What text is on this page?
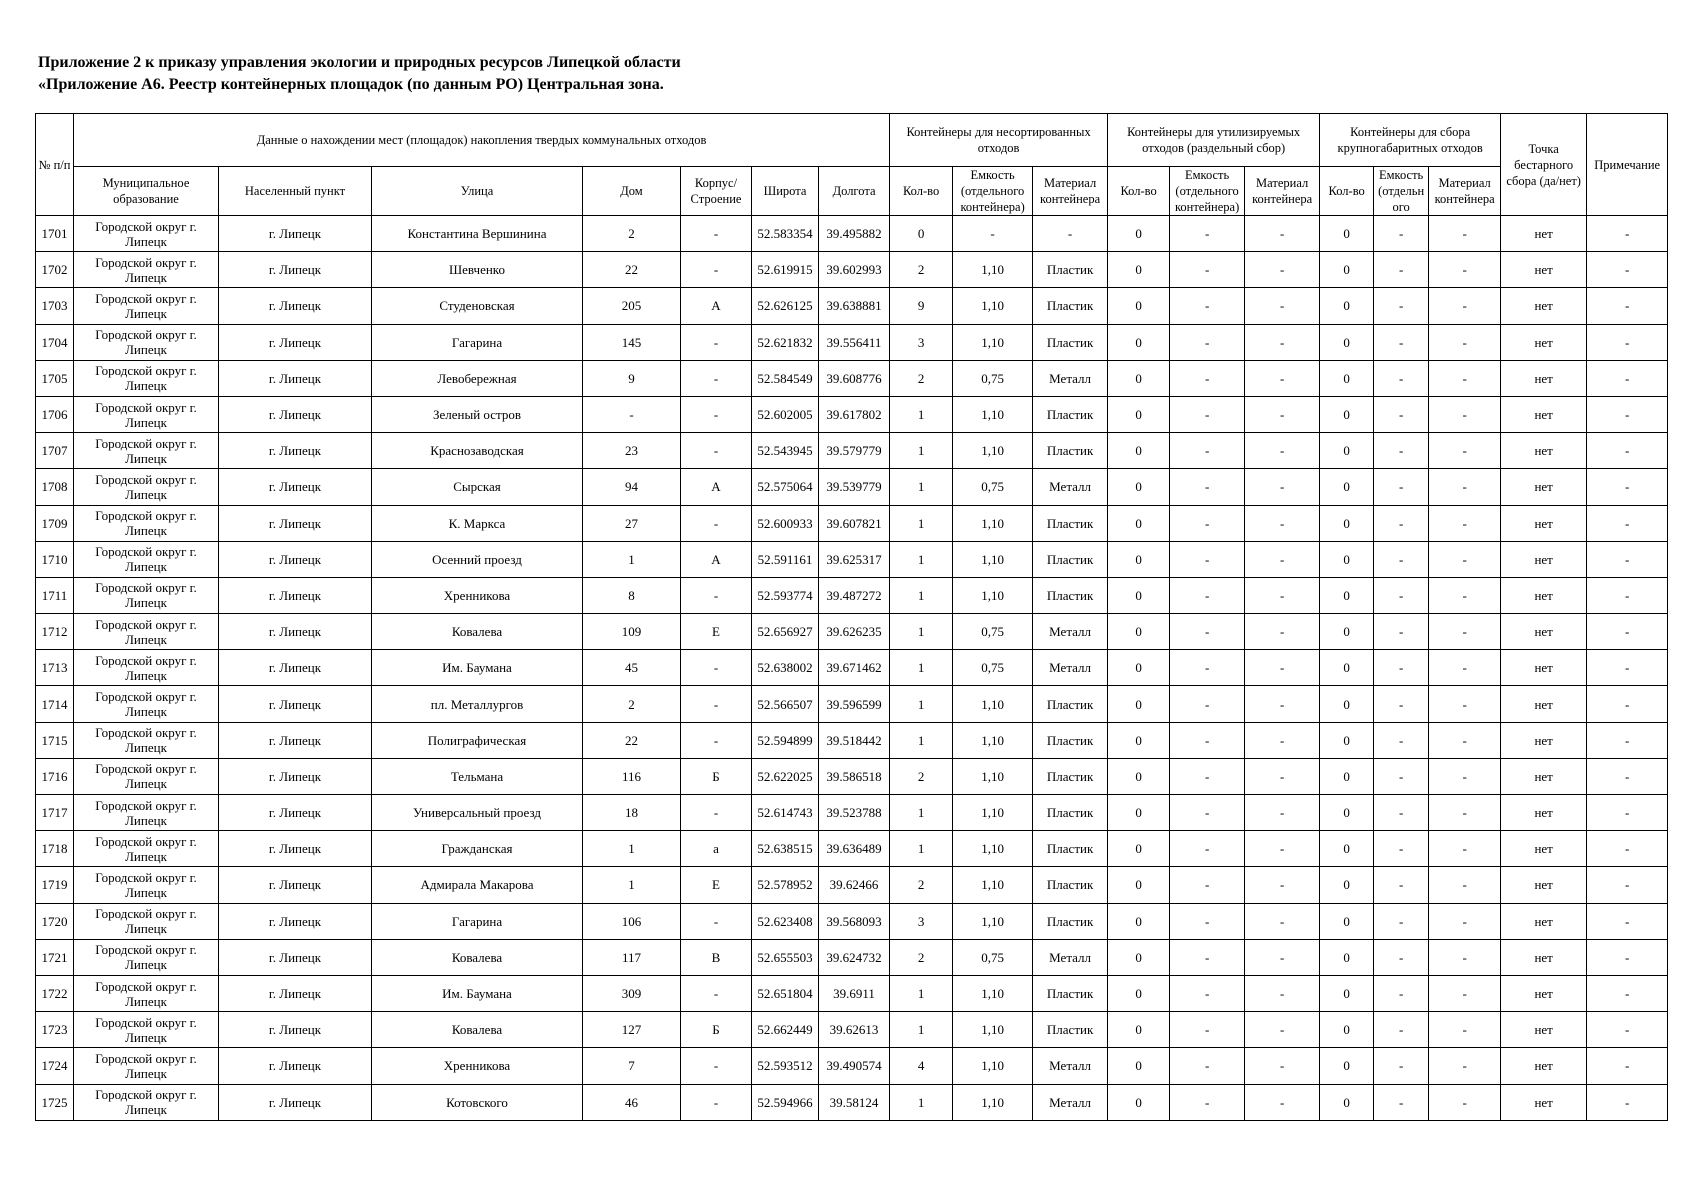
Приложение 2 к приказу управления экологии и природных ресурсов Липецкой области
«Приложение А6. Реестр контейнерных площадок (по данным РО) Центральная зона.
№ п/п	Данные о нахождении мест (площадок) накопления твердых коммунальных отходов							Контейнеры для несортированных отходов			Контейнеры для утилизируемых отходов (раздельный сбор)			Контейнеры для сбора крупногабаритных отходов			Точка бестарного сбора (да/нет)	Примечание
	Муниципальное образование	Населенный пункт	Улица	Дом	Корпус/ Строение	Широта	Долгота	Кол-во	Емкость (отдельного контейнера)	Материал контейнера	Кол-во	Емкость (отдельного контейнера)	Материал контейнера	Кол-во	Емкость (отдельн ого	Материал контейнера		
1701	Городской округ г. Липецк	г. Липецк	Константина Вершинина	2	-	52.583354	39.495882	0	-	-	0	-	-	0	-	-	нет	-
1702	Городской округ г. Липецк	г. Липецк	Шевченко	22	-	52.619915	39.602993	2	1,10	Пластик	0	-	-	0	-	-	нет	-
1703	Городской округ г. Липецк	г. Липецк	Студеновская	205	А	52.626125	39.638881	9	1,10	Пластик	0	-	-	0	-	-	нет	-
1704	Городской округ г. Липецк	г. Липецк	Гагарина	145	-	52.621832	39.556411	3	1,10	Пластик	0	-	-	0	-	-	нет	-
1705	Городской округ г. Липецк	г. Липецк	Левобережная	9	-	52.584549	39.608776	2	0,75	Металл	0	-	-	0	-	-	нет	-
1706	Городской округ г. Липецк	г. Липецк	Зеленый остров	-	-	52.602005	39.617802	1	1,10	Пластик	0	-	-	0	-	-	нет	-
1707	Городской округ г. Липецк	г. Липецк	Краснозаводская	23	-	52.543945	39.579779	1	1,10	Пластик	0	-	-	0	-	-	нет	-
1708	Городской округ г. Липецк	г. Липецк	Сырская	94	А	52.575064	39.539779	1	0,75	Металл	0	-	-	0	-	-	нет	-
1709	Городской округ г. Липецк	г. Липецк	К. Маркса	27	-	52.600933	39.607821	1	1,10	Пластик	0	-	-	0	-	-	нет	-
1710	Городской округ г. Липецк	г. Липецк	Осенний проезд	1	А	52.591161	39.625317	1	1,10	Пластик	0	-	-	0	-	-	нет	-
1711	Городской округ г. Липецк	г. Липецк	Хренникова	8	-	52.593774	39.487272	1	1,10	Пластик	0	-	-	0	-	-	нет	-
1712	Городской округ г. Липецк	г. Липецк	Ковалева	109	Е	52.656927	39.626235	1	0,75	Металл	0	-	-	0	-	-	нет	-
1713	Городской округ г. Липецк	г. Липецк	Им. Баумана	45	-	52.638002	39.671462	1	0,75	Металл	0	-	-	0	-	-	нет	-
1714	Городской округ г. Липецк	г. Липецк	пл. Металлургов	2	-	52.566507	39.596599	1	1,10	Пластик	0	-	-	0	-	-	нет	-
1715	Городской округ г. Липецк	г. Липецк	Полиграфическая	22	-	52.594899	39.518442	1	1,10	Пластик	0	-	-	0	-	-	нет	-
1716	Городской округ г. Липецк	г. Липецк	Тельмана	116	Б	52.622025	39.586518	2	1,10	Пластик	0	-	-	0	-	-	нет	-
1717	Городской округ г. Липецк	г. Липецк	Универсальный проезд	18	-	52.614743	39.523788	1	1,10	Пластик	0	-	-	0	-	-	нет	-
1718	Городской округ г. Липецк	г. Липецк	Гражданская	1	а	52.638515	39.636489	1	1,10	Пластик	0	-	-	0	-	-	нет	-
1719	Городской округ г. Липецк	г. Липецк	Адмирала Макарова	1	Е	52.578952	39.62466	2	1,10	Пластик	0	-	-	0	-	-	нет	-
1720	Городской округ г. Липецк	г. Липецк	Гагарина	106	-	52.623408	39.568093	3	1,10	Пластик	0	-	-	0	-	-	нет	-
1721	Городской округ г. Липецк	г. Липецк	Ковалева	117	В	52.655503	39.624732	2	0,75	Металл	0	-	-	0	-	-	нет	-
1722	Городской округ г. Липецк	г. Липецк	Им. Баумана	309	-	52.651804	39.6911	1	1,10	Пластик	0	-	-	0	-	-	нет	-
1723	Городской округ г. Липецк	г. Липецк	Ковалева	127	Б	52.662449	39.62613	1	1,10	Пластик	0	-	-	0	-	-	нет	-
1724	Городской округ г. Липецк	г. Липецк	Хренникова	7	-	52.593512	39.490574	4	1,10	Металл	0	-	-	0	-	-	нет	-
1725	Городской округ г. Липецк	г. Липецк	Котовского	46	-	52.594966	39.58124	1	1,10	Металл	0	-	-	0	-	-	нет	-
